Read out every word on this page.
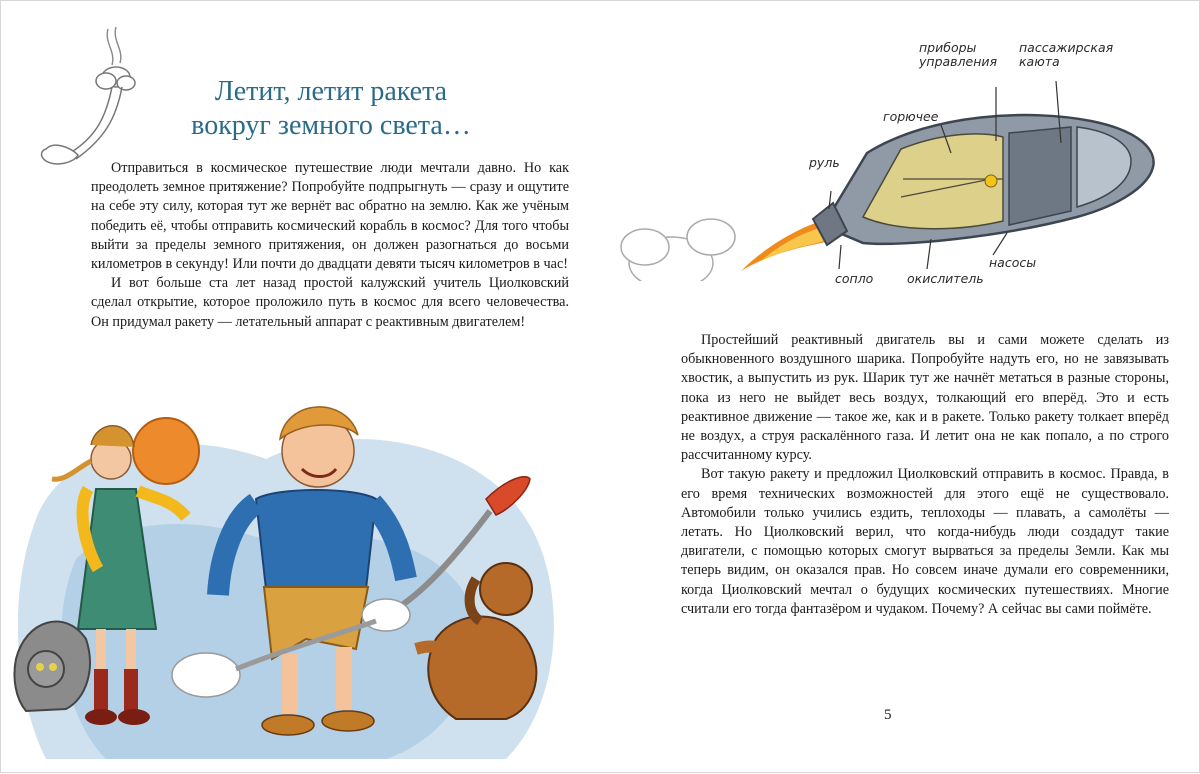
Летит, летит ракета
вокруг земного света…

Отправиться в космическое путешествие люди мечтали давно. Но как преодолеть земное притяжение? Попробуйте подпрыгнуть — сразу и ощутите на себе эту силу, которая тут же вернёт вас обратно на землю. Как же учёным победить её, чтобы отправить космический корабль в космос? Для того чтобы выйти за пределы земного притяжения, он должен разогнаться до восьми километров в секунду! Или почти до двадцати девяти тысяч километров в час!

И вот больше ста лет назад простой калужский учитель Циолковский сделал открытие, которое проложило путь в космос для всего человечества. Он придумал ракету — летательный аппарат с реактивным двигателем!

приборы управления
пассажирская каюта
горючее
руль
насосы
сопло	окислитель

Простейший реактивный двигатель вы и сами можете сделать из обыкновенного воздушного шарика. Попробуйте надуть его, но не завязывать хвостик, а выпустить из рук. Шарик тут же начнёт метаться в разные стороны, пока из него не выйдет весь воздух, толкающий его вперёд. Это и есть реактивное движение — такое же, как и в ракете. Только ракету толкает вперёд не воздух, а струя раскалённого газа. И летит она не как попало, а по строго рассчитанному курсу.

Вот такую ракету и предложил Циолковский отправить в космос. Правда, в его время технических возможностей для этого ещё не существовало. Автомобили только учились ездить, теплоходы — плавать, а самолёты — летать. Но Циолковский верил, что когда-нибудь люди создадут такие двигатели, с помощью которых смогут вырваться за пределы Земли. Как мы теперь видим, он оказался прав. Но совсем иначе думали его современники, когда Циолковский мечтал о будущих космических путешествиях. Многие считали его тогда фантазёром и чудаком. Почему? А сейчас вы сами поймёте.

5
